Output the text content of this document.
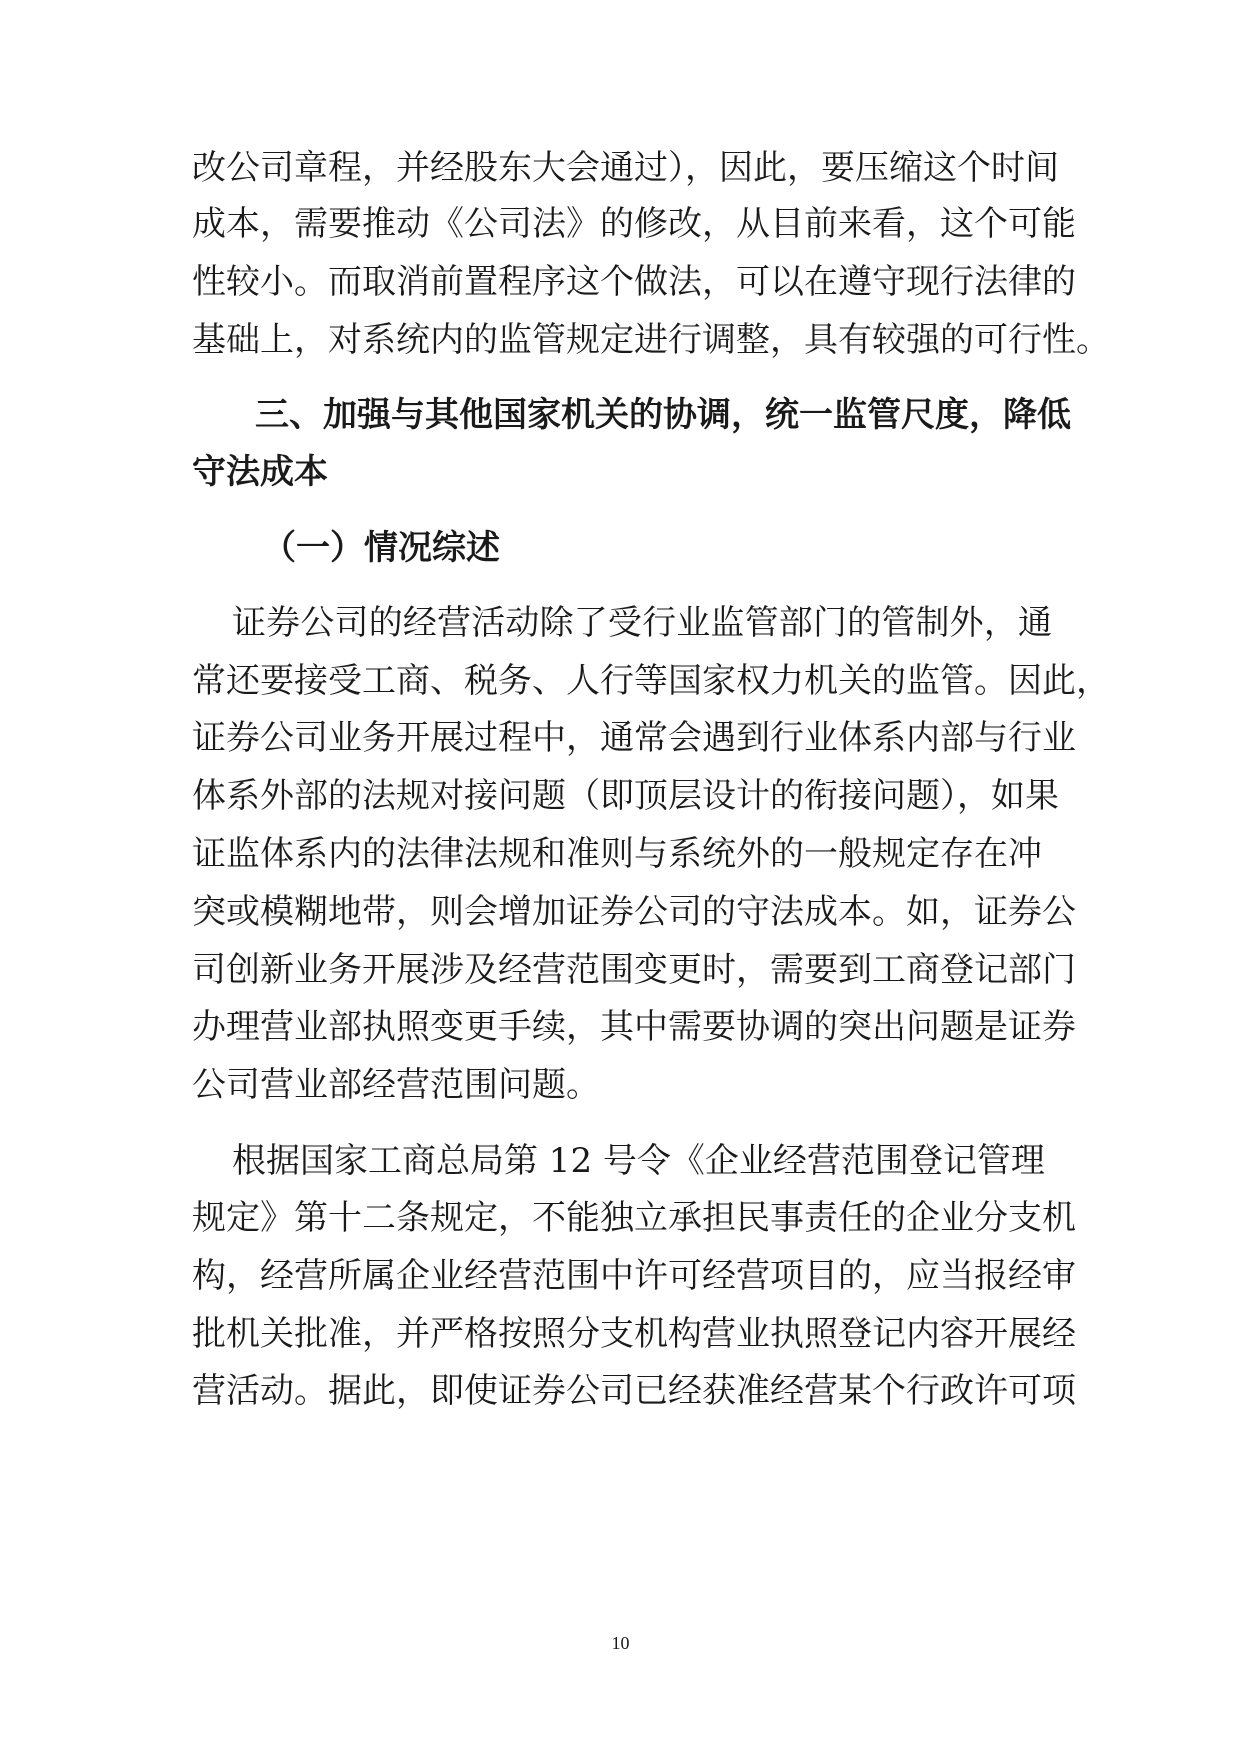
改公司章程，并经股东大会通过），因此，要压缩这个时间
成本，需要推动《公司法》的修改，从目前来看，这个可能
性较小。而取消前置程序这个做法，可以在遵守现行法律的
基础上，对系统内的监管规定进行调整，具有较强的可行性。
三、加强与其他国家机关的协调，统一监管尺度，降低
守法成本
（一）情况综述
证券公司的经营活动除了受行业监管部门的管制外，通
常还要接受工商、税务、人行等国家权力机关的监管。因此，
证券公司业务开展过程中，通常会遇到行业体系内部与行业
体系外部的法规对接问题（即顶层设计的衔接问题），如果
证监体系内的法律法规和准则与系统外的一般规定存在冲
突或模糊地带，则会增加证券公司的守法成本。如，证券公
司创新业务开展涉及经营范围变更时，需要到工商登记部门
办理营业部执照变更手续，其中需要协调的突出问题是证券
公司营业部经营范围问题。
根据国家工商总局第 12 号令《企业经营范围登记管理
规定》第十二条规定，不能独立承担民事责任的企业分支机
构，经营所属企业经营范围中许可经营项目的，应当报经审
批机关批准，并严格按照分支机构营业执照登记内容开展经
营活动。据此，即使证券公司已经获准经营某个行政许可项
10
